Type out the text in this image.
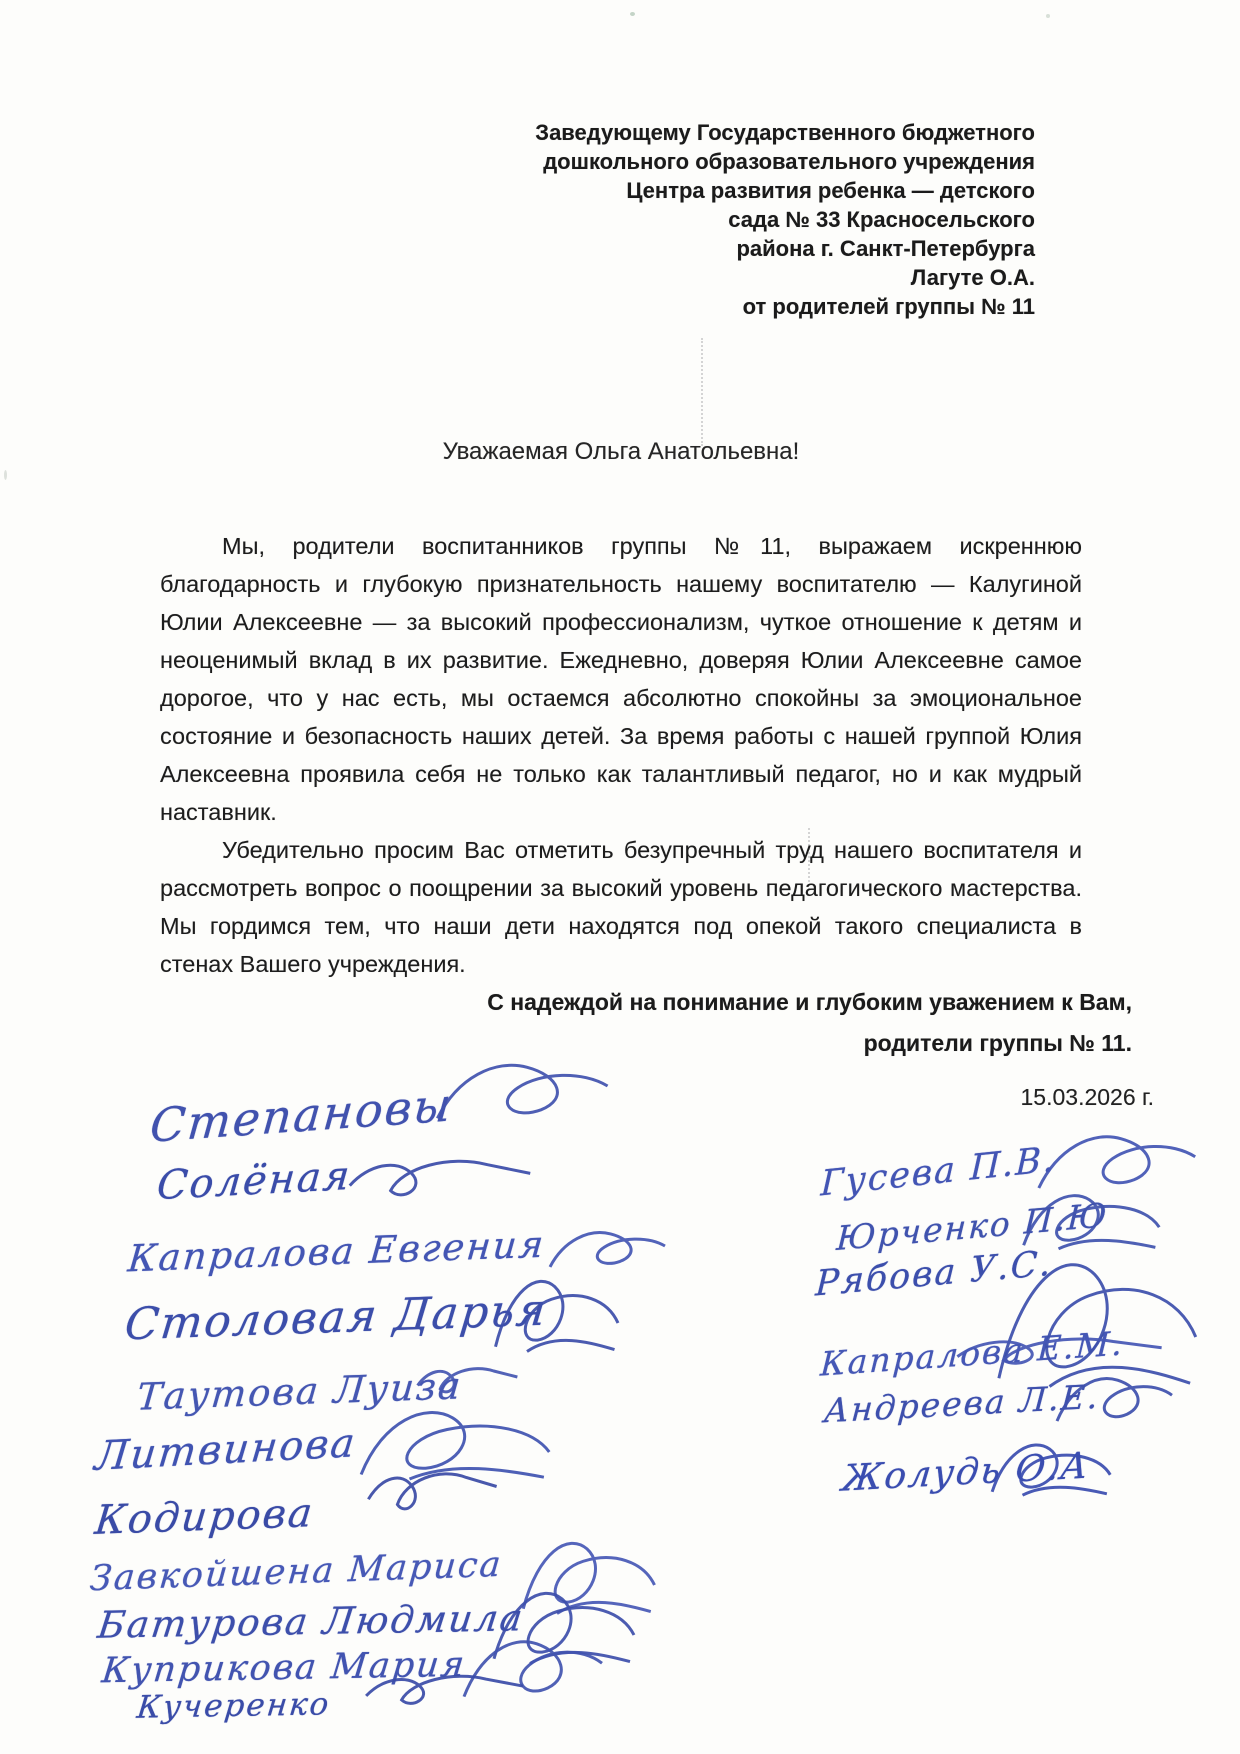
Заведующему Государственного бюджетного
дошкольного образовательного учреждения
Центра развития ребенка — детского
сада № 33 Красносельского
района г. Санкт-Петербурга
Лагуте О.А.
от родителей группы № 11
Уважаемая Ольга Анатольевна!

Мы, родители воспитанников группы №11, выражаем искреннюю благодарность и глубокую признательность нашему воспитателю — Калугиной Юлии Алексеевне — за высокий профессионализм, чуткое отношение к детям и неоценимый вклад в их развитие. Ежедневно, доверяя Юлии Алексеевне самое дорогое, что у нас есть, мы остаемся абсолютно спокойны за эмоциональное состояние и безопасность наших детей. За время работы с нашей группой Юлия Алексеевна проявила себя не только как талантливый педагог, но и как мудрый наставник.

Убедительно просим Вас отметить безупречный труд нашего воспитателя и рассмотреть вопрос о поощрении за высокий уровень педагогического мастерства. Мы гордимся тем, что наши дети находятся под опекой такого специалиста в стенах Вашего учреждения.

С надеждой на понимание и глубоким уважением к Вам,
родители группы № 11.
15.03.2026 г.
Степановы
Солёная
Капралова Евгения
Столовая Дарья
Таутова Луиза
Литвинова
Кодирова
Завкойшена Мариса
Батурова Людмила
Куприкова Мария
Кучеренко
Гусева П.В.
Юрченко П.Ю
Рябова У.С.
Капралова Е.М.
Андреева Л.Е.
Жолудь О.А
